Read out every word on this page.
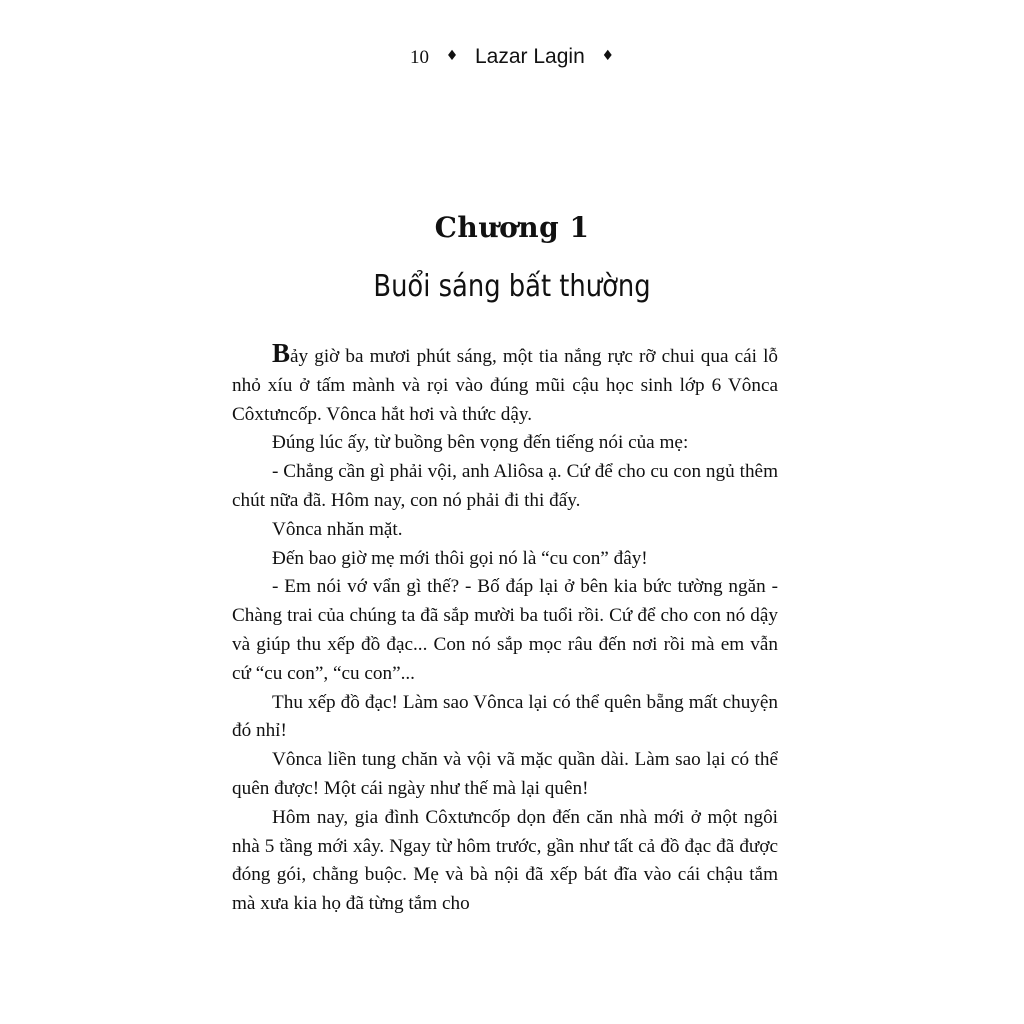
10 ♦ Lazar Lagin ♦
Chương 1
Buổi sáng bất thường

Bảy giờ ba mươi phút sáng, một tia nắng rực rỡ chui qua cái lỗ nhỏ xíu ở tấm mành và rọi vào đúng mũi cậu học sinh lớp 6 Vônca Côxtưncốp. Vônca hắt hơi và thức dậy.

Đúng lúc ấy, từ buồng bên vọng đến tiếng nói của mẹ:

- Chẳng cần gì phải vội, anh Aliôsa ạ. Cứ để cho cu con ngủ thêm chút nữa đã. Hôm nay, con nó phải đi thi đấy.

Vônca nhăn mặt.

Đến bao giờ mẹ mới thôi gọi nó là “cu con” đây!

- Em nói vớ vẩn gì thế? - Bố đáp lại ở bên kia bức tường ngăn - Chàng trai của chúng ta đã sắp mười ba tuổi rồi. Cứ để cho con nó dậy và giúp thu xếp đồ đạc... Con nó sắp mọc râu đến nơi rồi mà em vẫn cứ “cu con”, “cu con”...

Thu xếp đồ đạc! Làm sao Vônca lại có thể quên bẵng mất chuyện đó nhỉ!

Vônca liền tung chăn và vội vã mặc quần dài. Làm sao lại có thể quên được! Một cái ngày như thế mà lại quên!

Hôm nay, gia đình Côxtưncốp dọn đến căn nhà mới ở một ngôi nhà 5 tầng mới xây. Ngay từ hôm trước, gần như tất cả đồ đạc đã được đóng gói, chằng buộc. Mẹ và bà nội đã xếp bát đĩa vào cái chậu tắm mà xưa kia họ đã từng tắm cho
